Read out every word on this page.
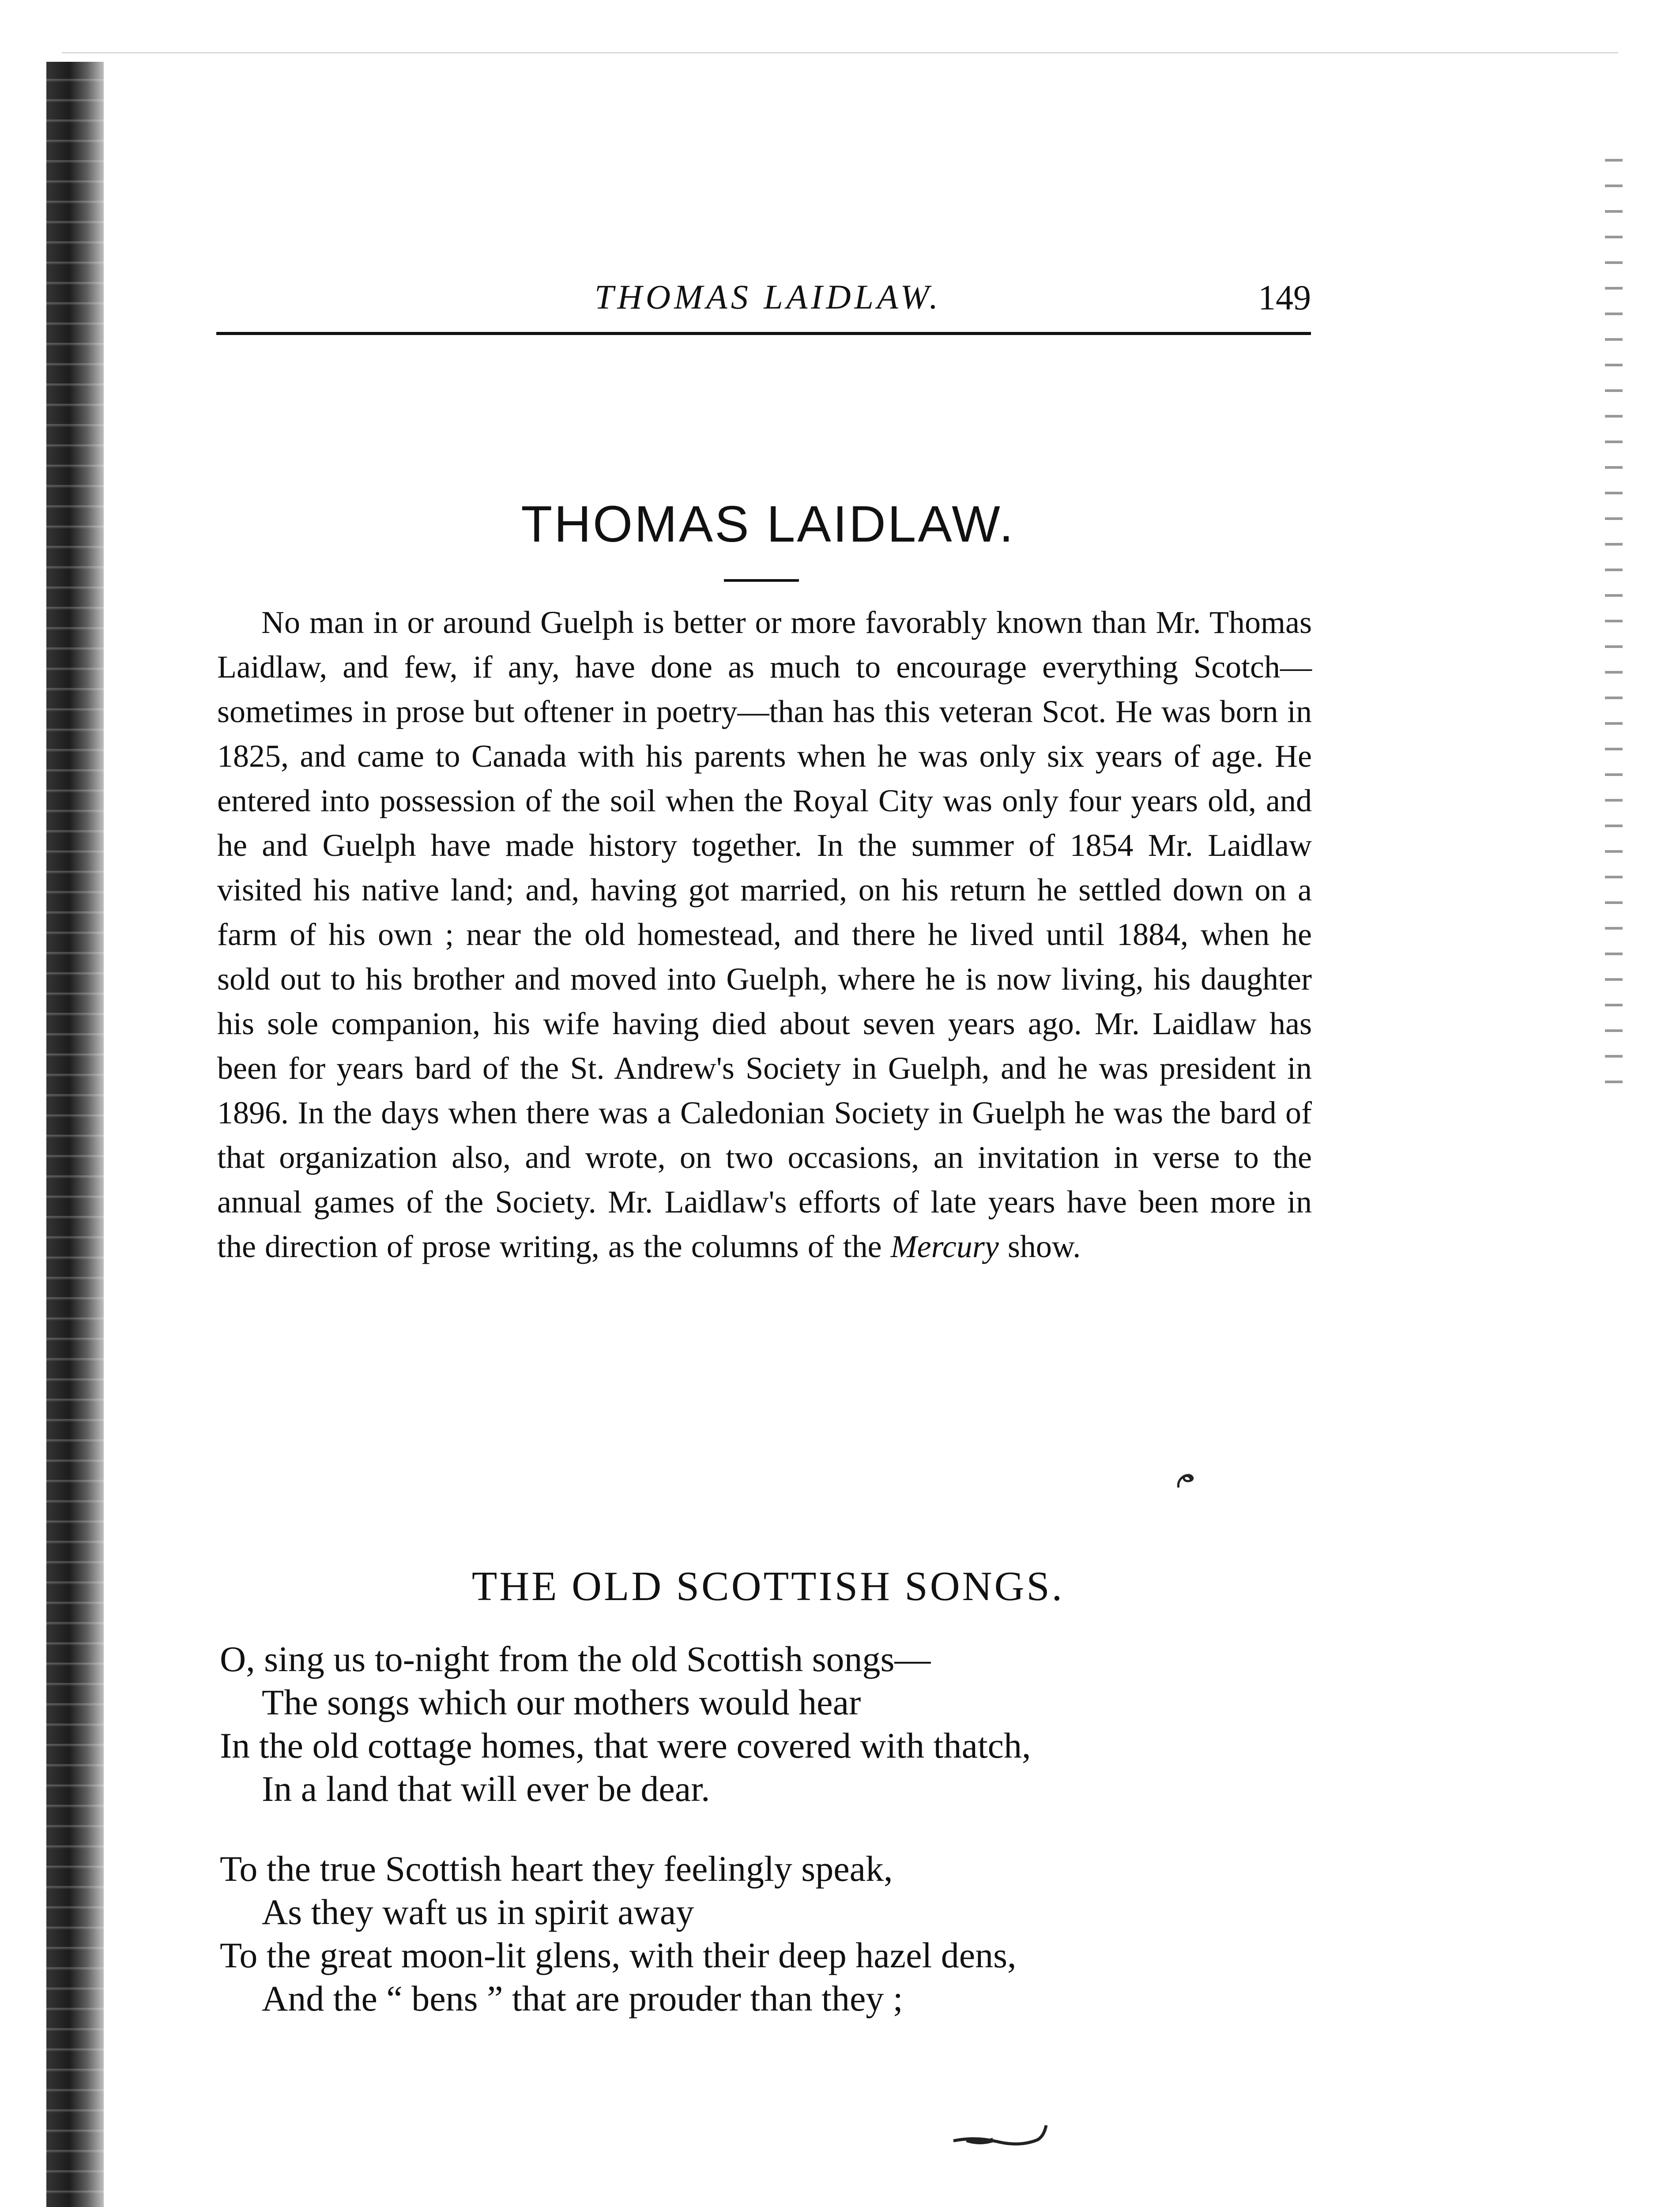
THOMAS LAIDLAW.	149
THOMAS LAIDLAW.

No man in or around Guelph is better or more favorably known than Mr. Thomas Laidlaw, and few, if any, have done as much to encourage everything Scotch—sometimes in prose but oftener in poetry—than has this veteran Scot. He was born in 1825, and came to Canada with his parents when he was only six years of age. He entered into possession of the soil when the Royal City was only four years old, and he and Guelph have made history together. In the summer of 1854 Mr. Laidlaw visited his native land; and, having got married, on his return he settled down on a farm of his own ; near the old homestead, and there he lived until 1884, when he sold out to his brother and moved into Guelph, where he is now living, his daughter his sole companion, his wife having died about seven years ago. Mr. Laidlaw has been for years bard of the St. Andrew's Society in Guelph, and he was president in 1896. In the days when there was a Caledonian Society in Guelph he was the bard of that organization also, and wrote, on two occasions, an invitation in verse to the annual games of the Society. Mr. Laidlaw's efforts of late years have been more in the direction of prose writing, as the columns of the Mercury show.

THE OLD SCOTTISH SONGS.
O, sing us to-night from the old Scottish songs—
The songs which our mothers would hear
In the old cottage homes, that were covered with thatch,
In a land that will ever be dear.
To the true Scottish heart they feelingly speak,
As they waft us in spirit away
To the great moon-lit glens, with their deep hazel dens,
And the “ bens ” that are prouder than they ;
